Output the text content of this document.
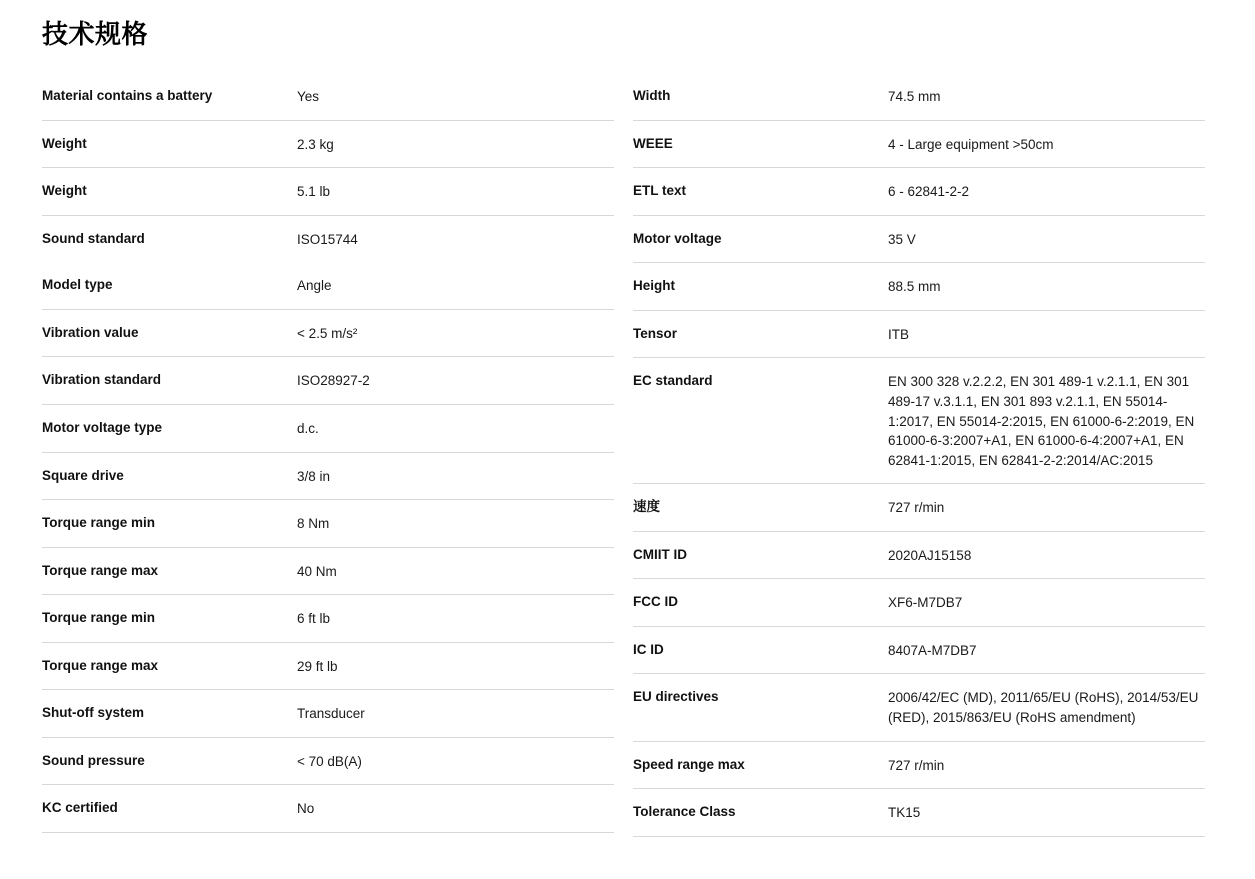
技术规格
Material contains a battery	Yes
Weight	2.3 kg
Weight	5.1 lb
Sound standard	ISO15744
Model type	Angle
Vibration value	< 2.5 m/s²
Vibration standard	ISO28927-2
Motor voltage type	d.c.
Square drive	3/8 in
Torque range min	8 Nm
Torque range max	40 Nm
Torque range min	6 ft lb
Torque range max	29 ft lb
Shut-off system	Transducer
Sound pressure	< 70 dB(A)
KC certified	No
Width	74.5 mm
WEEE	4 - Large equipment >50cm
ETL text	6 - 62841-2-2
Motor voltage	35 V
Height	88.5 mm
Tensor	ITB
EC standard	EN 300 328 v.2.2.2, EN 301 489-1 v.2.1.1, EN 301 489-17 v.3.1.1, EN 301 893 v.2.1.1, EN 55014-1:2017, EN 55014-2:2015, EN 61000-6-2:2019, EN 61000-6-3:2007+A1, EN 61000-6-4:2007+A1, EN 62841-1:2015, EN 62841-2-2:2014/AC:2015
速度	727 r/min
CMIIT ID	2020AJ15158
FCC ID	XF6-M7DB7
IC ID	8407A-M7DB7
EU directives	2006/42/EC (MD), 2011/65/EU (RoHS), 2014/53/EU (RED), 2015/863/EU (RoHS amendment)
Speed range max	727 r/min
Tolerance Class	TK15
